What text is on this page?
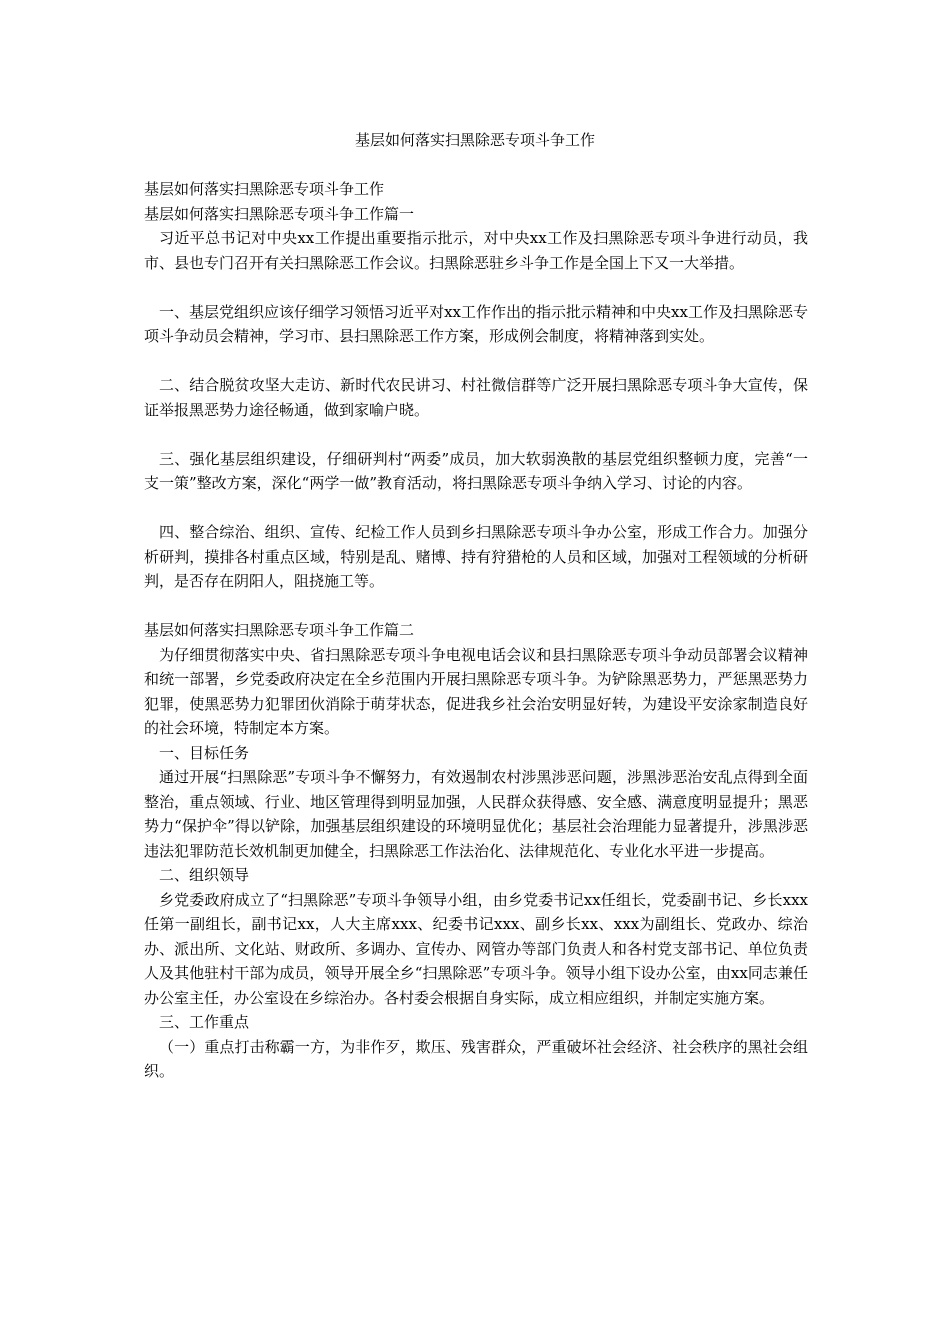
基层如何落实扫黑除恶专项斗争工作

基层如何落实扫黑除恶专项斗争工作

基层如何落实扫黑除恶专项斗争工作篇一

习近平总书记对中央xx工作提出重要指示批示，对中央xx工作及扫黑除恶专项斗争进行动员，我市、县也专门召开有关扫黑除恶工作会议。扫黑除恶驻乡斗争工作是全国上下又一大举措。

一、基层党组织应该仔细学习领悟习近平对xx工作作出的指示批示精神和中央xx工作及扫黑除恶专项斗争动员会精神，学习市、县扫黑除恶工作方案，形成例会制度，将精神落到实处。

二、结合脱贫攻坚大走访、新时代农民讲习、村社微信群等广泛开展扫黑除恶专项斗争大宣传，保证举报黑恶势力途径畅通，做到家喻户晓。

三、强化基层组织建设，仔细研判村“两委”成员，加大软弱涣散的基层党组织整顿力度，完善“一支一策”整改方案，深化“两学一做”教育活动，将扫黑除恶专项斗争纳入学习、讨论的内容。

四、整合综治、组织、宣传、纪检工作人员到乡扫黑除恶专项斗争办公室，形成工作合力。加强分析研判，摸排各村重点区域，特别是乱、赌博、持有狩猎枪的人员和区域，加强对工程领域的分析研判，是否存在阴阳人，阻挠施工等。

基层如何落实扫黑除恶专项斗争工作篇二

为仔细贯彻落实中央、省扫黑除恶专项斗争电视电话会议和县扫黑除恶专项斗争动员部署会议精神和统一部署，乡党委政府决定在全乡范围内开展扫黑除恶专项斗争。为铲除黑恶势力，严惩黑恶势力犯罪，使黑恶势力犯罪团伙消除于萌芽状态，促进我乡社会治安明显好转，为建设平安涂家制造良好的社会环境，特制定本方案。

一、目标任务

通过开展“扫黑除恶”专项斗争不懈努力，有效遏制农村涉黑涉恶问题，涉黑涉恶治安乱点得到全面整治，重点领域、行业、地区管理得到明显加强，人民群众获得感、安全感、满意度明显提升；黑恶势力“保护伞”得以铲除，加强基层组织建设的环境明显优化；基层社会治理能力显著提升，涉黑涉恶违法犯罪防范长效机制更加健全，扫黑除恶工作法治化、法律规范化、专业化水平进一步提高。

二、组织领导

乡党委政府成立了“扫黑除恶”专项斗争领导小组，由乡党委书记xx任组长，党委副书记、乡长xxx任第一副组长，副书记xx，人大主席xxx、纪委书记xxx、副乡长xx、xxx为副组长、党政办、综治办、派出所、文化站、财政所、多调办、宣传办、网管办等部门负责人和各村党支部书记、单位负责人及其他驻村干部为成员，领导开展全乡“扫黑除恶”专项斗争。领导小组下设办公室，由xx同志兼任办公室主任，办公室设在乡综治办。各村委会根据自身实际，成立相应组织，并制定实施方案。

三、工作重点

（一）重点打击称霸一方，为非作歹，欺压、残害群众，严重破坏社会经济、社会秩序的黑社会组织。
